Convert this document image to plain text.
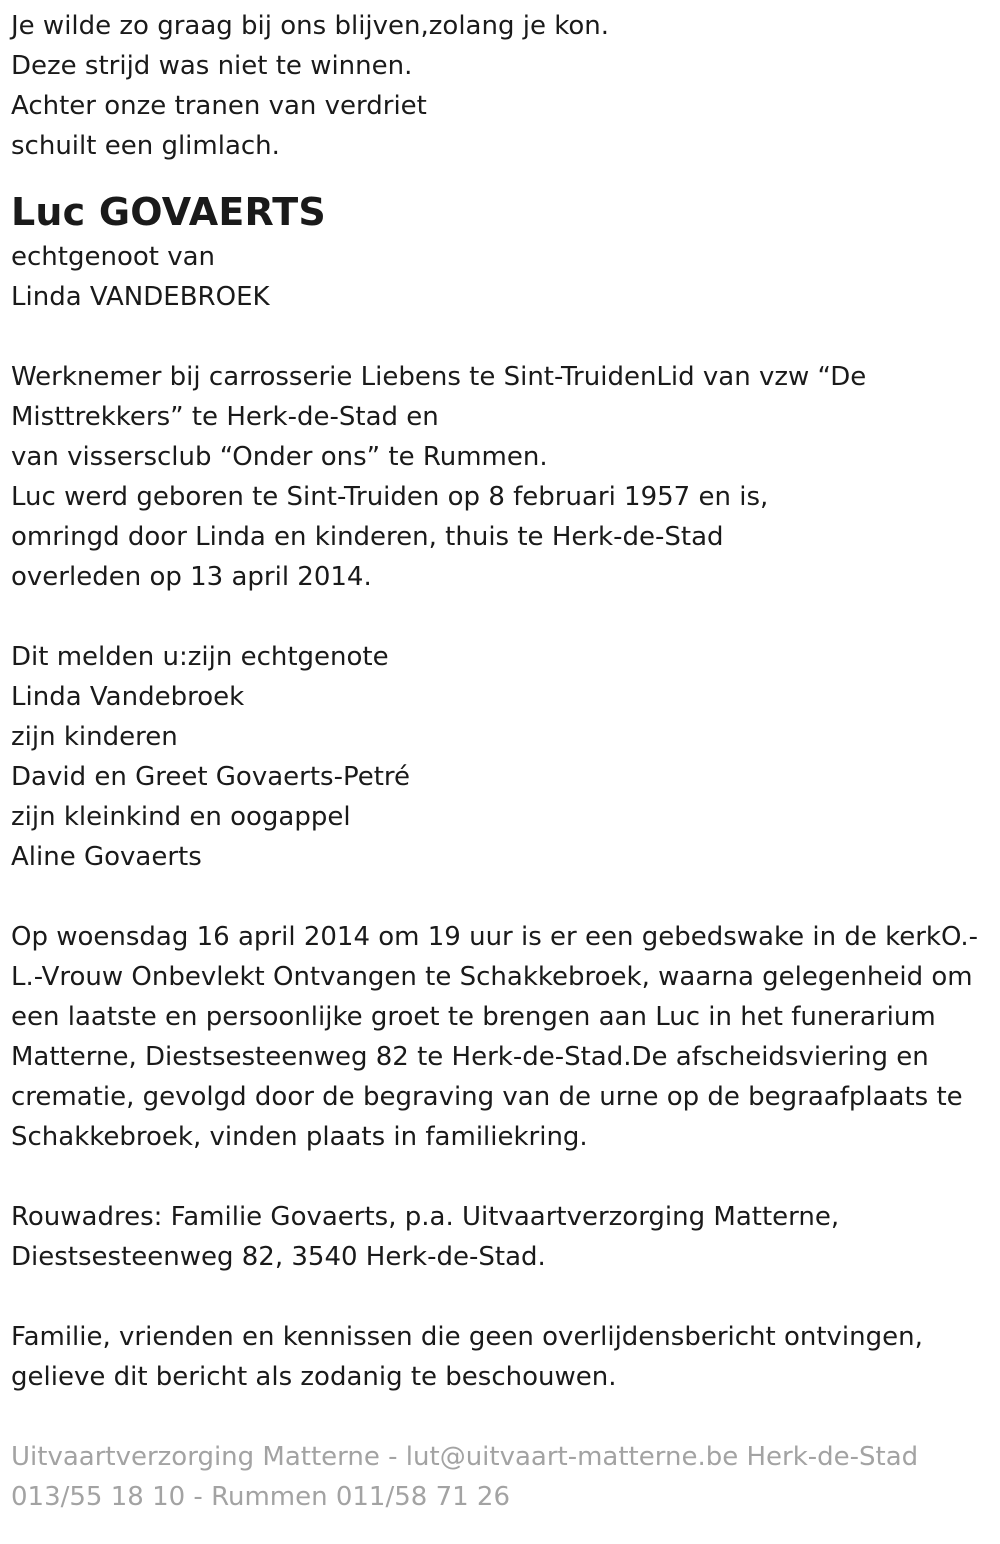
Je wilde zo graag bij ons blijven,zolang je kon.
Deze strijd was niet te winnen.
Achter onze tranen van verdriet
schuilt een glimlach.
Luc GOVAERTS
echtgenoot van
Linda VANDEBROEK
Werknemer bij carrosserie Liebens te Sint-TruidenLid van vzw “De
Misttrekkers” te Herk-de-Stad en
van vissersclub “Onder ons” te Rummen.
Luc werd geboren te Sint-Truiden op 8 februari 1957 en is,
omringd door Linda en kinderen, thuis te Herk-de-Stad
overleden op 13 april 2014.
Dit melden u:zijn echtgenote
Linda Vandebroek
zijn kinderen
David en Greet Govaerts-Petré
zijn kleinkind en oogappel
Aline Govaerts
Op woensdag 16 april 2014 om 19 uur is er een gebedswake in de kerkO.-
L.-Vrouw Onbevlekt Ontvangen te Schakkebroek, waarna gelegenheid om
een laatste en persoonlijke groet te brengen aan Luc in het funerarium
Matterne, Diestsesteenweg 82 te Herk-de-Stad.De afscheidsviering en
crematie, gevolgd door de begraving van de urne op de begraafplaats te
Schakkebroek, vinden plaats in familiekring.
Rouwadres: Familie Govaerts, p.a. Uitvaartverzorging Matterne,
Diestsesteenweg 82, 3540 Herk-de-Stad.
Familie, vrienden en kennissen die geen overlijdensbericht ontvingen,
gelieve dit bericht als zodanig te beschouwen.
Uitvaartverzorging Matterne - lut@uitvaart-matterne.be Herk-de-Stad
013/55 18 10 - Rummen 011/58 71 26
